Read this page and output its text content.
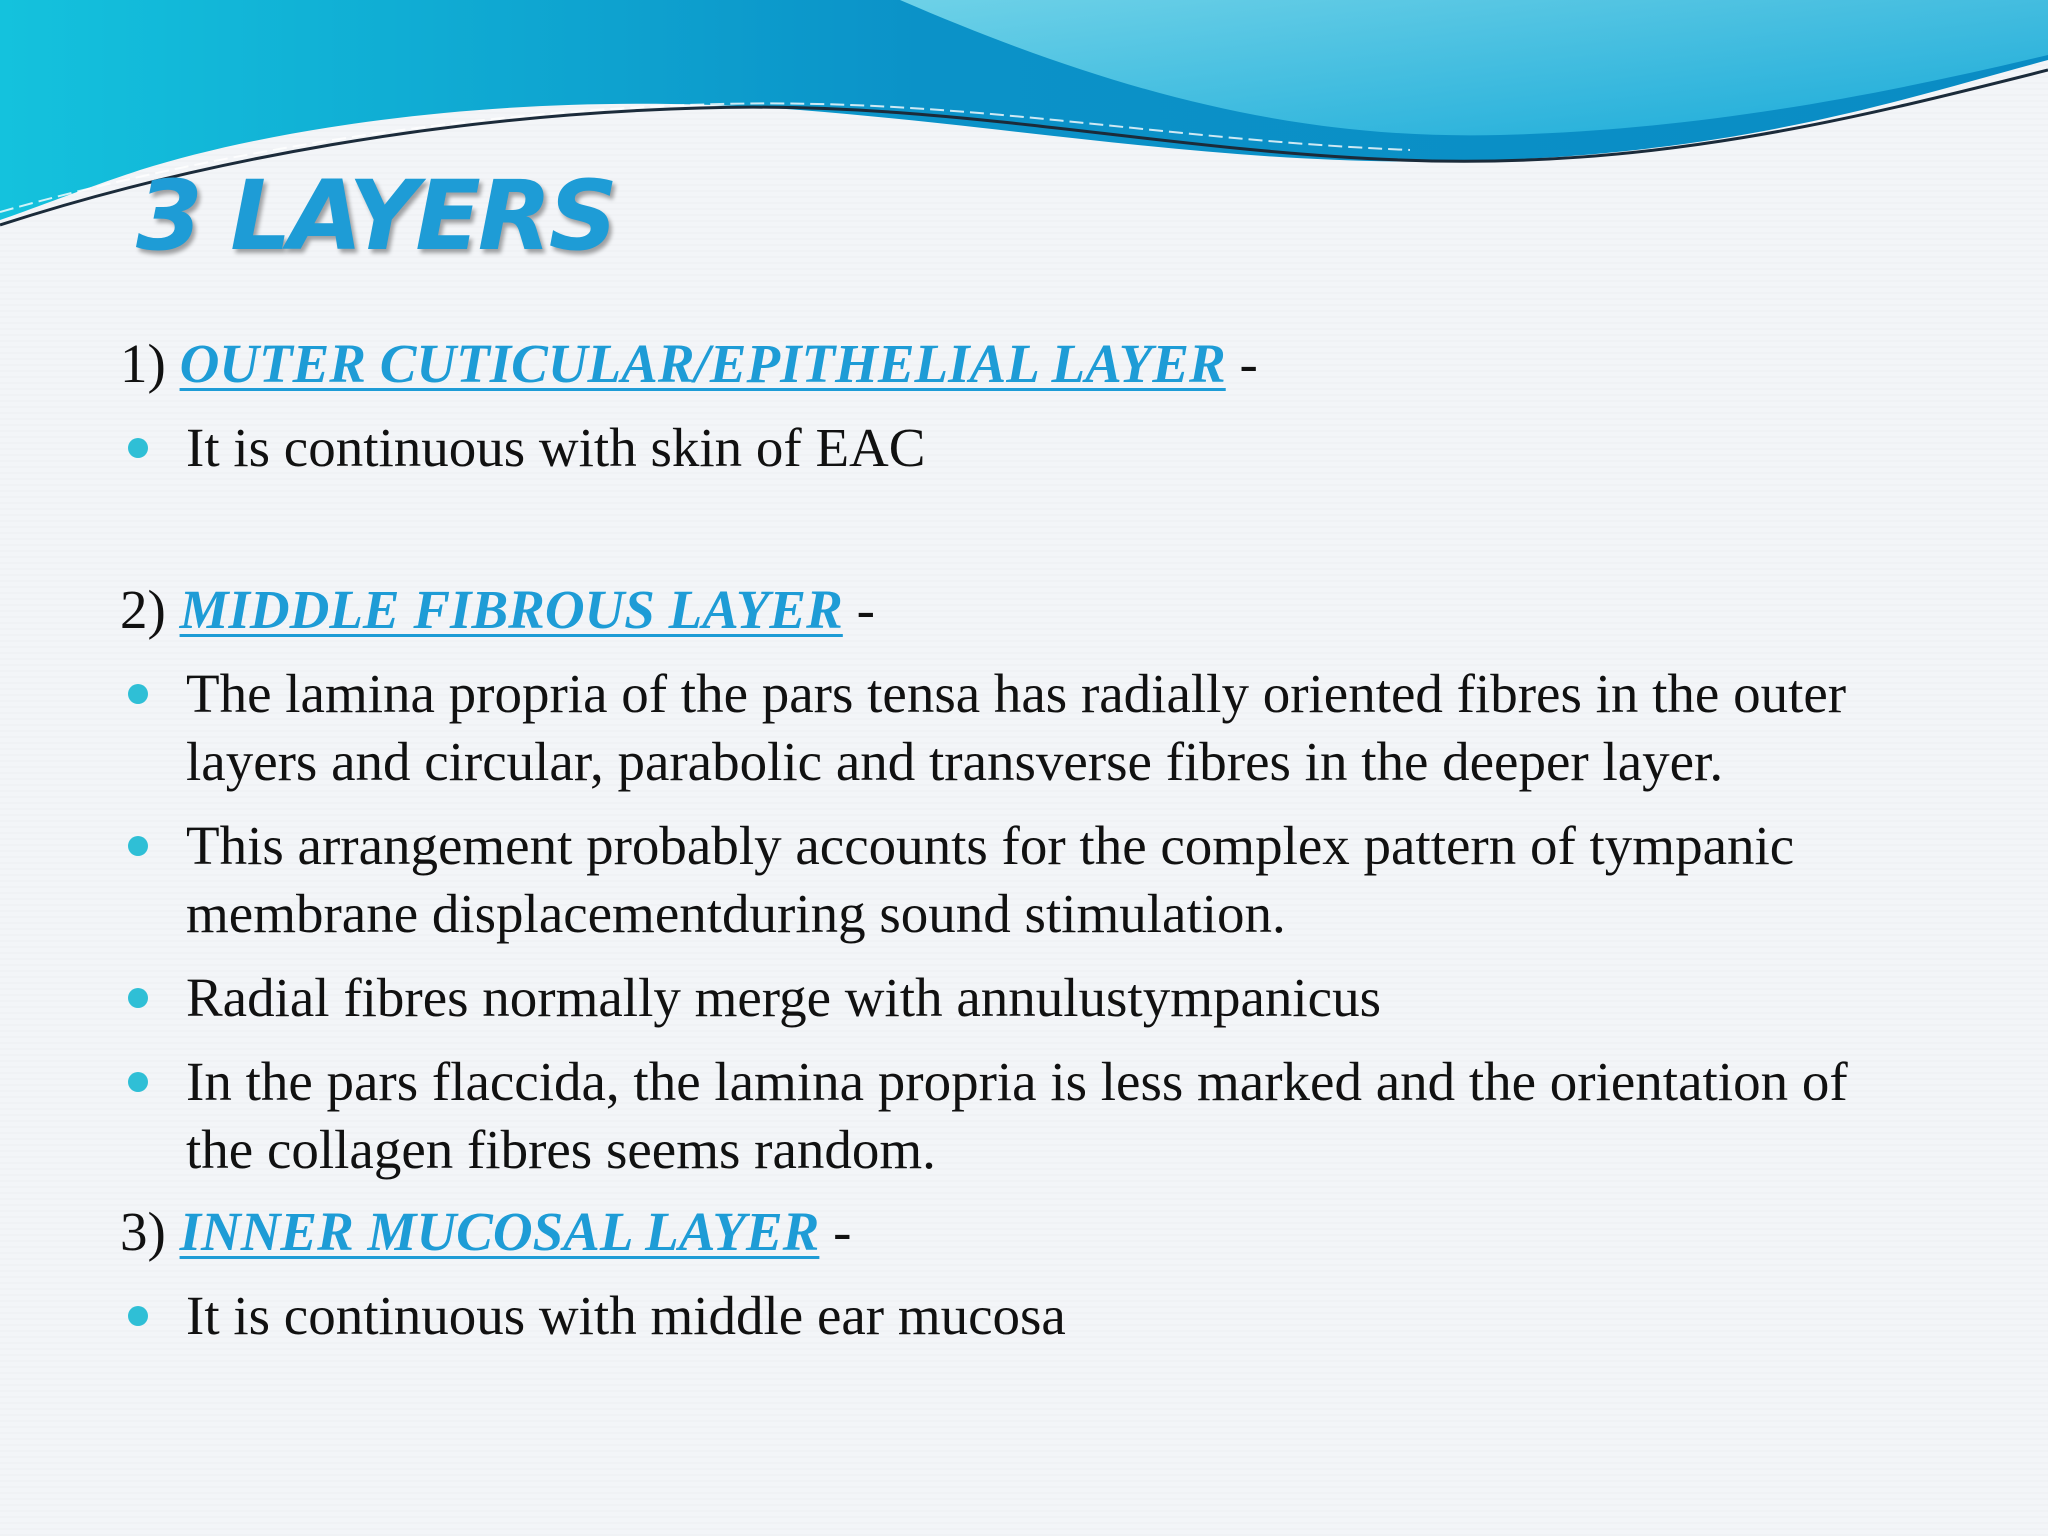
3 LAYERS

1) OUTER CUTICULAR/EPITHELIAL LAYER -

It is continuous with skin of EAC

2) MIDDLE FIBROUS LAYER -

The lamina propria of the pars tensa has radially oriented fibres in the outer layers and circular, parabolic and transverse fibres in the deeper layer.
This arrangement probably accounts for the complex pattern of tympanic membrane displacementduring sound stimulation.
Radial fibres normally merge with annulustympanicus
In the pars flaccida, the lamina propria is less marked and the orientation of the collagen fibres seems random.

3) INNER MUCOSAL LAYER -

It is continuous with middle ear mucosa
